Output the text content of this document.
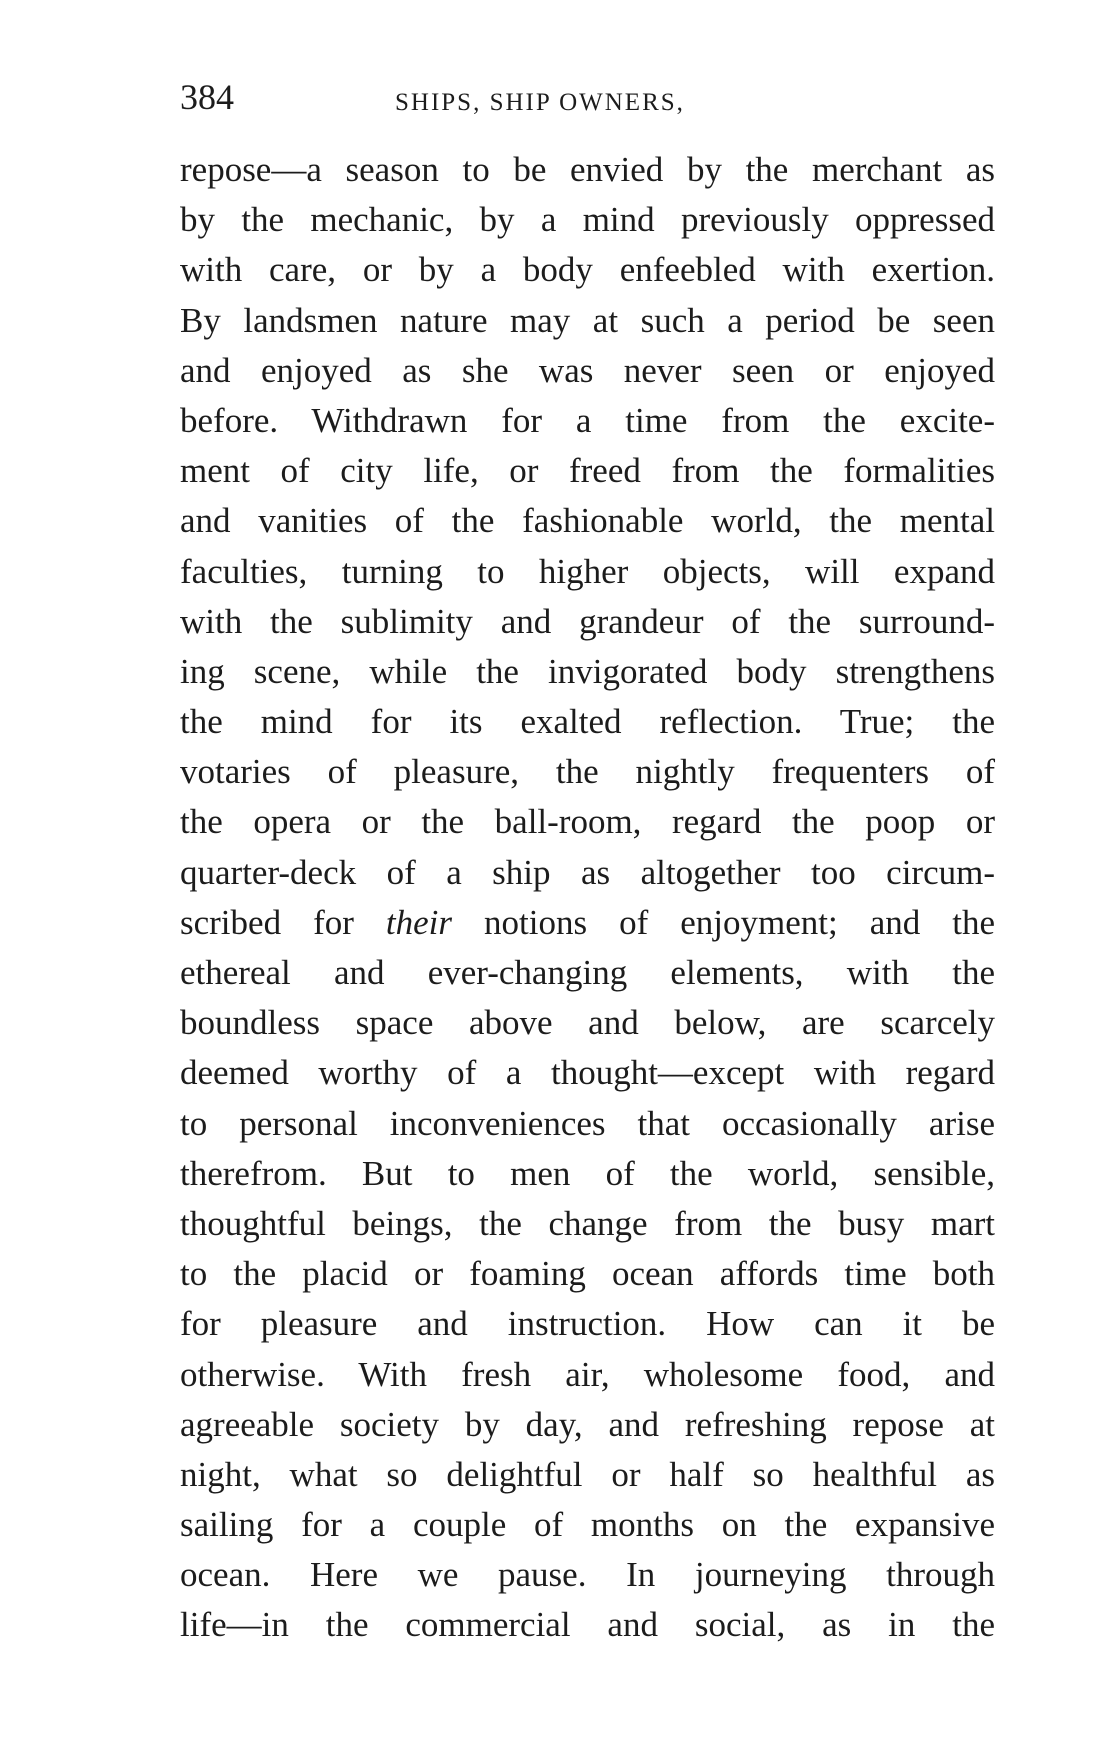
384	SHIPS, SHIP OWNERS,
repose—a season to be envied by the merchant as
by the mechanic, by a mind previously oppressed
with care, or by a body enfeebled with exertion.
By landsmen nature may at such a period be seen
and enjoyed as she was never seen or enjoyed
before. Withdrawn for a time from the excite-
ment of city life, or freed from the formalities
and vanities of the fashionable world, the mental
faculties, turning to higher objects, will expand
with the sublimity and grandeur of the surround-
ing scene, while the invigorated body strengthens
the mind for its exalted reflection. True; the
votaries of pleasure, the nightly frequenters of
the opera or the ball-room, regard the poop or
quarter-deck of a ship as altogether too circum-
scribed for their notions of enjoyment; and the
ethereal and ever-changing elements, with the
boundless space above and below, are scarcely
deemed worthy of a thought—except with regard
to personal inconveniences that occasionally arise
therefrom. But to men of the world, sensible,
thoughtful beings, the change from the busy mart
to the placid or foaming ocean affords time both
for pleasure and instruction. How can it be
otherwise. With fresh air, wholesome food, and
agreeable society by day, and refreshing repose at
night, what so delightful or half so healthful as
sailing for a couple of months on the expansive
ocean. Here we pause. In journeying through
life—in the commercial and social, as in the
